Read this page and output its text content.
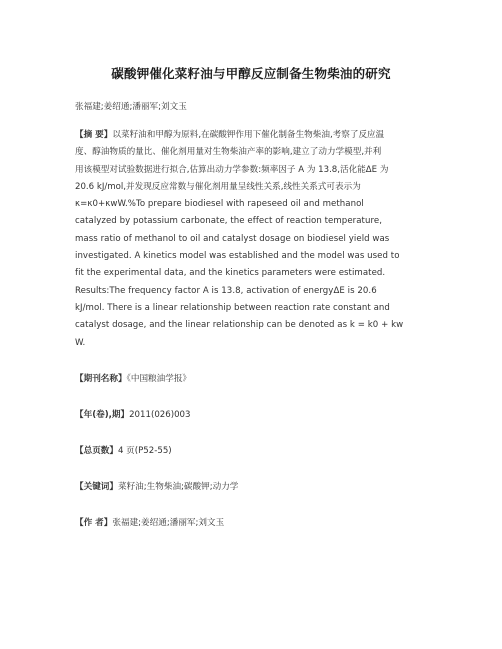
碳酸钾催化菜籽油与甲醇反应制备生物柴油的研究
张福建;姜绍通;潘丽军;刘文玉
【摘 要】以菜籽油和甲醇为原料,在碳酸钾作用下催化制备生物柴油,考察了反应温
度、醇油物质的量比、催化剂用量对生物柴油产率的影响,建立了动力学模型,并利
用该模型对试验数据进行拟合,估算出动力学参数:频率因子 A 为 13.8,活化能ΔE 为
20.6 kJ/mol,并发现反应常数与催化剂用量呈线性关系,线性关系式可表示为
κ=κ0+κwW.%To prepare biodiesel with rapeseed oil and methanol
catalyzed by potassium carbonate, the effect of reaction temperature,
mass ratio of methanol to oil and catalyst dosage on biodiesel yield was
investigated. A kinetics model was established and the model was used to
fit the experimental data, and the kinetics parameters were estimated.
Results:The frequency factor A is 13.8, activation of energyΔE is 20.6
kJ/mol. There is a linear relationship between reaction rate constant and
catalyst dosage, and the linear relationship can be denoted as k = k0 + kw
W.
【期刊名称】《中国粮油学报》
【年(卷),期】2011(026)003
【总页数】4 页(P52-55)
【关键词】菜籽油;生物柴油;碳酸钾;动力学
【作 者】张福建;姜绍通;潘丽军;刘文玉
